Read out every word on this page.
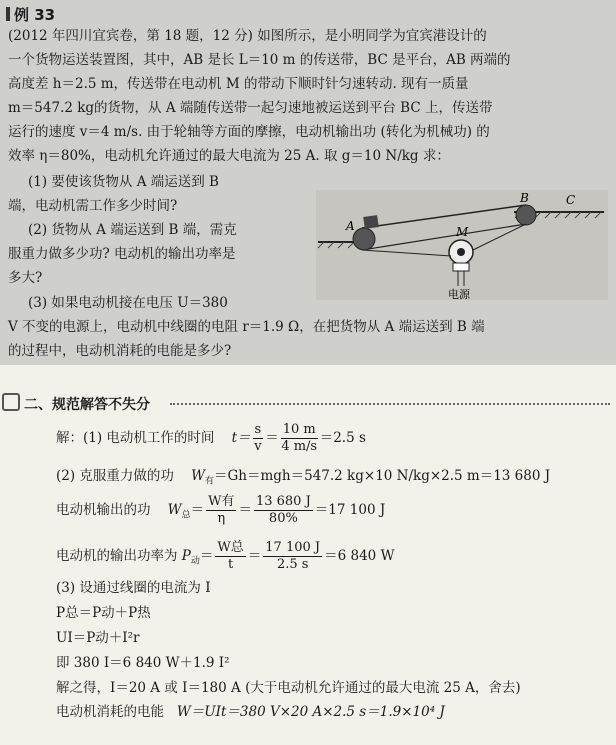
例 33
(2012 年四川宜宾卷，第 18 题，12 分) 如图所示，是小明同学为宜宾港设计的
一个货物运送装置图，其中，AB 是长 L＝10 m 的传送带，BC 是平台，AB 两端的
高度差 h＝2.5 m，传送带在电动机 M 的带动下顺时针匀速转动. 现有一质量
m＝547.2 kg的货物，从 A 端随传送带一起匀速地被运送到平台 BC 上，传送带
运行的速度 v＝4 m/s. 由于轮轴等方面的摩擦，电动机输出功 (转化为机械功) 的
效率 η＝80%，电动机允许通过的最大电流为 25 A. 取 g＝10 N/kg 求：
(1) 要使该货物从 A 端运送到 B
端，电动机需工作多少时间?
(2) 货物从 A 端运送到 B 端，需克
服重力做多少功? 电动机的输出功率是
多大?
(3) 如果电动机接在电压 U＝380
V 不变的电源上，电动机中线圈的电阻 r＝1.9 Ω，在把货物从 A 端运送到 B 端
的过程中，电动机消耗的电能是多少?
A
B	C
M
电源
二、规范解答不失分
解：(1) 电动机工作的时间 $t= \frac{s}{v} = \frac{10 m}{4 m/s} =2.5$ s
(2) 克服重力做的功 $W_有=Gh=mgh=547.2$ kg×10 N/kg×2.5 m＝13 680 J
电动机输出的功 $W_总= \frac{\text{W有}}{\eta} = \frac{13 680 J}{80\%} =17$ 100 J
电动机的输出功率为 $P_动= \frac{\text{W总}}{t} = \frac{17 100 J}{2.5 s} =6$ 840 W
(3) 设通过线圈的电流为 I
P总＝P动＋P热
UI＝P动＋I²r
即 380 I＝6 840 W＋1.9 I²
解之得，I＝20 A 或 I＝180 A (大于电动机允许通过的最大电流 25 A，舍去)
电动机消耗的电能 W＝UIt＝380 V×20 A×2.5 s＝1.9×10⁴ J
